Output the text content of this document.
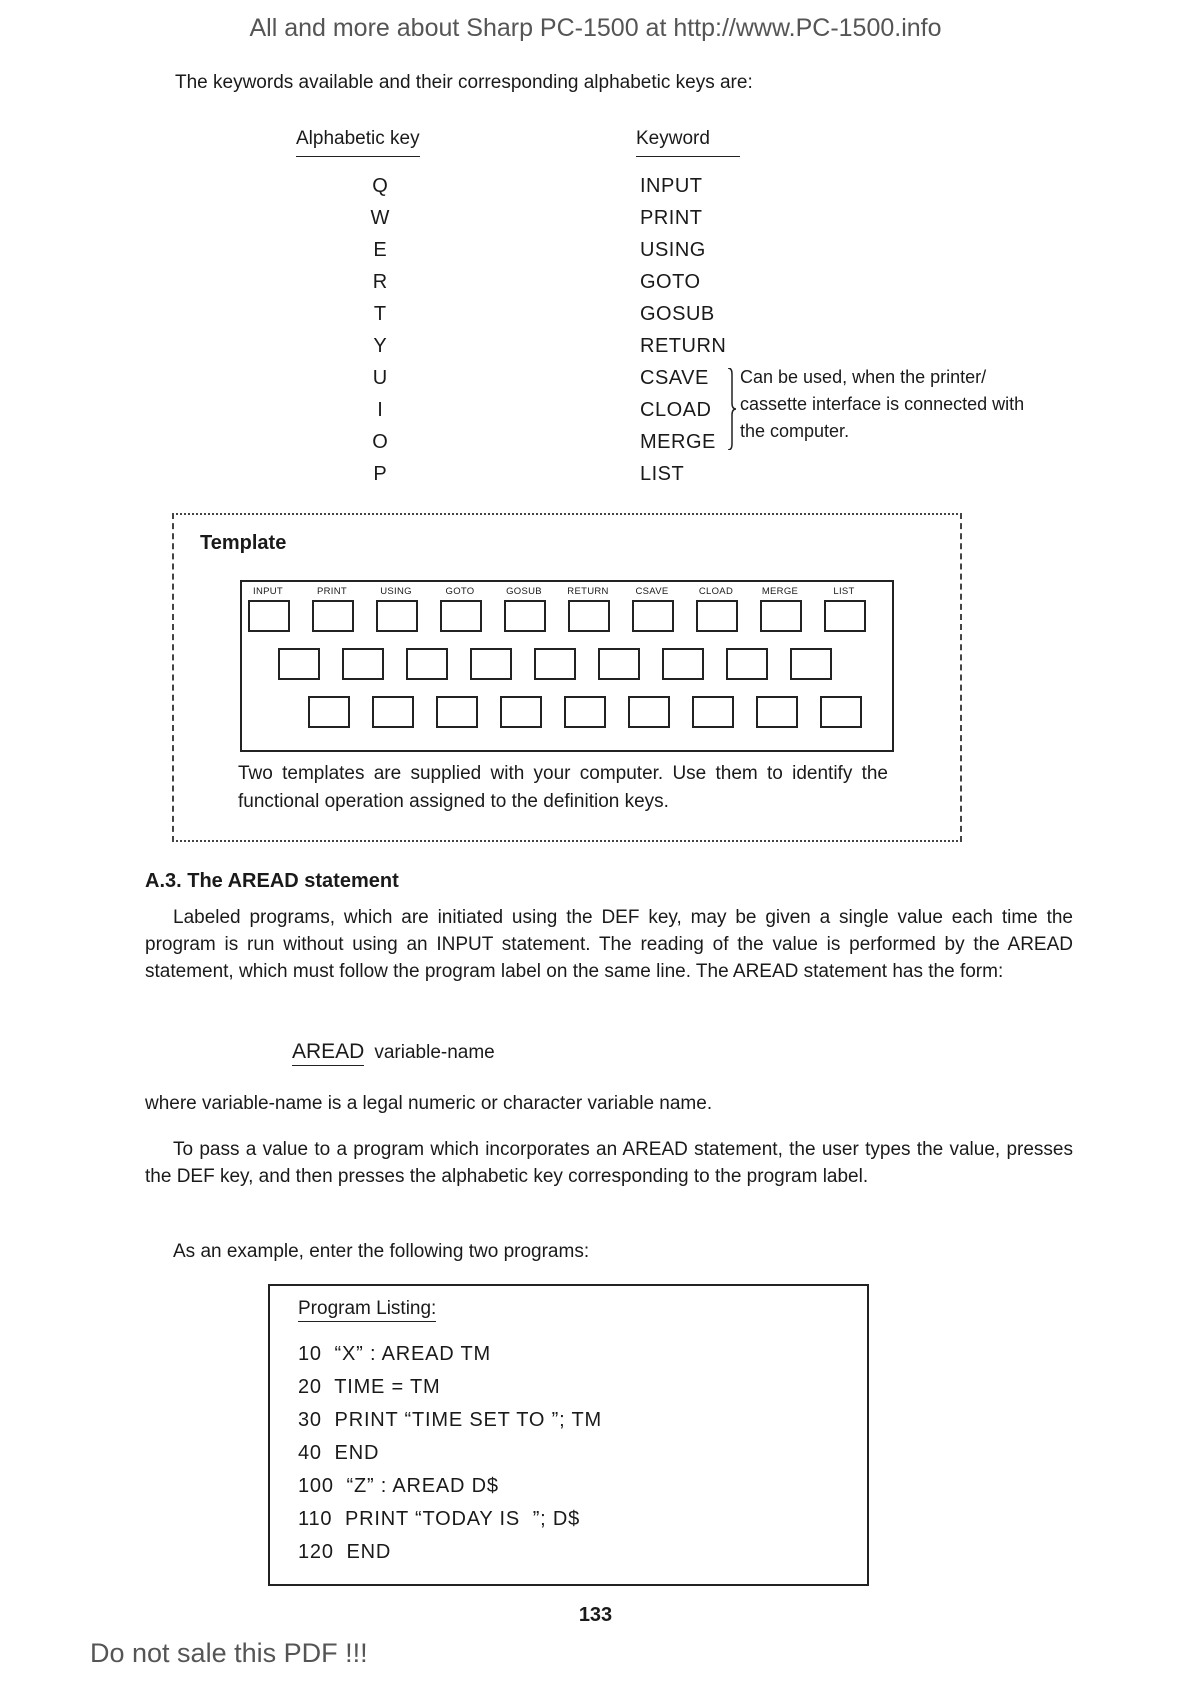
All and more about Sharp PC-1500 at http://www.PC-1500.info
The keywords available and their corresponding alphabetic keys are:
Alphabetic key	Keyword
Q	INPUT
W	PRINT
E	USING
R	GOTO
T	GOSUB
Y	RETURN
U	CSAVE
I	CLOAD
O	MERGE
P	LIST
Can be used, when the printer/ cassette interface is connected with the computer.
Template
INPUT	PRINT	USING	GOTO	GOSUB	RETURN	CSAVE	CLOAD	MERGE	LIST
Two templates are supplied with your computer. Use them to identify the functional operation assigned to the definition keys.
A.3. The AREAD statement
Labeled programs, which are initiated using the DEF key, may be given a single value each time the program is run without using an INPUT statement. The reading of the value is performed by the AREAD statement, which must follow the program label on the same line. The AREAD statement has the form:
AREAD variable-name
where variable-name is a legal numeric or character variable name.
To pass a value to a program which incorporates an AREAD statement, the user types the value, presses the DEF key, and then presses the alphabetic key corresponding to the program label.
As an example, enter the following two programs:
Program Listing:
10  “X” : AREAD TM
20  TIME = TM
30  PRINT “TIME SET TO ”; TM
40  END
100  “Z” : AREAD D$
110  PRINT “TODAY IS  ”; D$
120  END
133
Do not sale this PDF !!!
